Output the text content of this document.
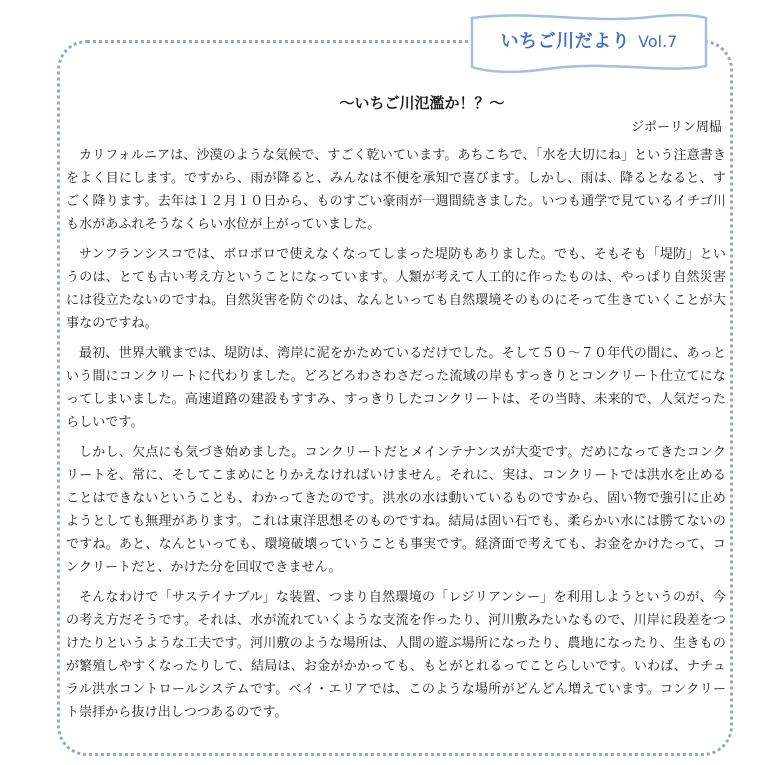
いちご川だより Vol.7
～いちご川氾濫か！？～
ジポーリン周榀

カリフォルニアは、沙漠のような気候で、すごく乾いています。あちこちで、「水を大切にね」という注意書きをよく目にします。ですから、雨が降ると、みんなは不便を承知で喜びます。しかし、雨は、降るとなると、すごく降ります。去年は１２月１０日から、ものすごい豪雨が一週間続きました。いつも通学で見ているイチゴ川も水があふれそうなくらい水位が上がっていました。

サンフランシスコでは、ボロボロで使えなくなってしまった堤防もありました。でも、そもそも「堤防」というのは、とても古い考え方ということになっています。人類が考えて人工的に作ったものは、やっぱり自然災害には役立たないのですね。自然災害を防ぐのは、なんといっても自然環境そのものにそって生きていくことが大事なのですね。

最初、世界大戦までは、堤防は、湾岸に泥をかためているだけでした。そして５０～７０年代の間に、あっという間にコンクリートに代わりました。どろどろわさわさだった流域の岸もすっきりとコンクリート仕立てになってしまいました。高速道路の建設もすすみ、すっきりしたコンクリートは、その当時、未来的で、人気だったらしいです。

しかし、欠点にも気づき始めました。コンクリートだとメインテナンスが大変です。だめになってきたコンクリートを、常に、そしてこまめにとりかえなければいけません。それに、実は、コンクリートでは洪水を止めることはできないということも、わかってきたのです。洪水の水は動いているものですから、固い物で強引に止めようとしても無理があります。これは東洋思想そのものですね。結局は固い石でも、柔らかい水には勝てないのですね。あと、なんといっても、環境破壊っていうことも事実です。経済面で考えても、お金をかけたって、コンクリートだと、かけた分を回収できません。

そんなわけで「サステイナブル」な装置、つまり自然環境の「レジリアンシー」を利用しようというのが、今の考え方だそうです。それは、水が流れていくような支流を作ったり、河川敷みたいなもので、川岸に段差をつけたりというような工夫です。河川敷のような場所は、人間の遊ぶ場所になったり、農地になったり、生きものが繁殖しやすくなったりして、結局は、お金がかかっても、もとがとれるってことらしいです。いわば、ナチュラル洪水コントロールシステムです。ベイ・エリアでは、このような場所がどんどん増えています。コンクリート崇拝から抜け出しつつあるのです。
